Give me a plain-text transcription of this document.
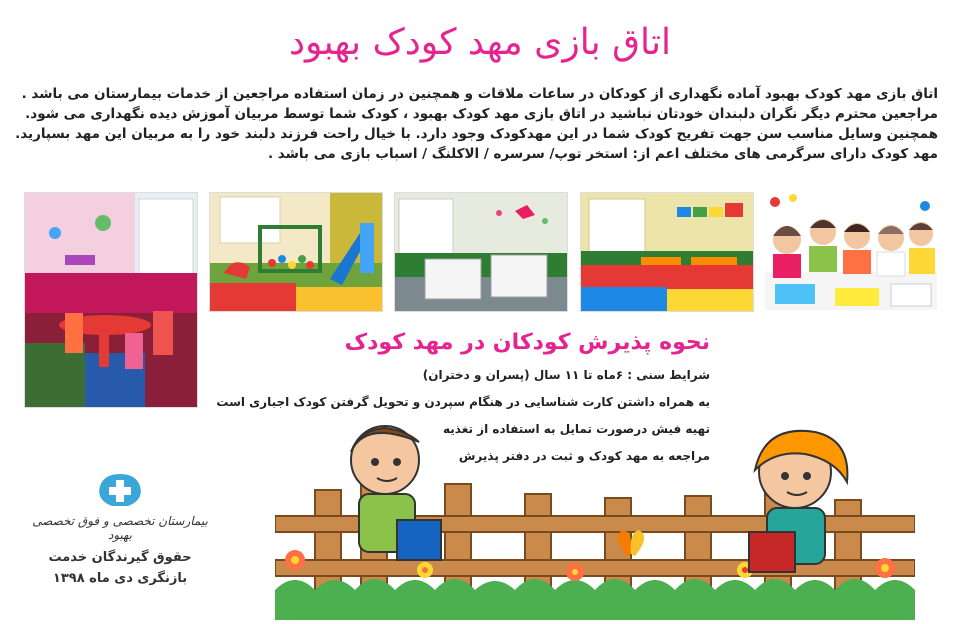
اتاق بازی مهد کودک بهبود

اتاق بازی مهد کودک بهبود آماده نگهداری از کودکان در ساعات ملاقات و همچنین در زمان استفاده مراجعین از خدمات بیمارستان می باشد .

مراجعین محترم دیگر نگران دلبندان خودتان نباشید در اتاق بازی مهد کودک بهبود ، کودک شما توسط مربیان آموزش دیده نگهداری می شود.

همچنین وسایل مناسب سن جهت تفریح کودک شما در این مهدکودک وجود دارد. با خیال راحت فرزند دلبند خود را به مربیان این مهد بسپارید.

مهد کودک دارای سرگرمی های مختلف اعم از: استخر توپ/ سرسره / الاکلنگ / اسباب بازی می باشد .

نحوه پذیرش کودکان در مهد کودک
شرایط سنی : ۶ماه تا ۱۱ سال (پسران و دختران)
به همراه داشتن کارت شناسایی در هنگام سپردن و تحویل گرفتن کودک اجباری است
تهیه فیش درصورت تمایل به استفاده از تغذیه
مراجعه به مهد کودک و ثبت در دفتر پذیرش
بیمارستان تخصصی و فوق تخصصی بهبود
حقوق گیرندگان خدمت
بازنگری دی ماه ۱۳۹۸
